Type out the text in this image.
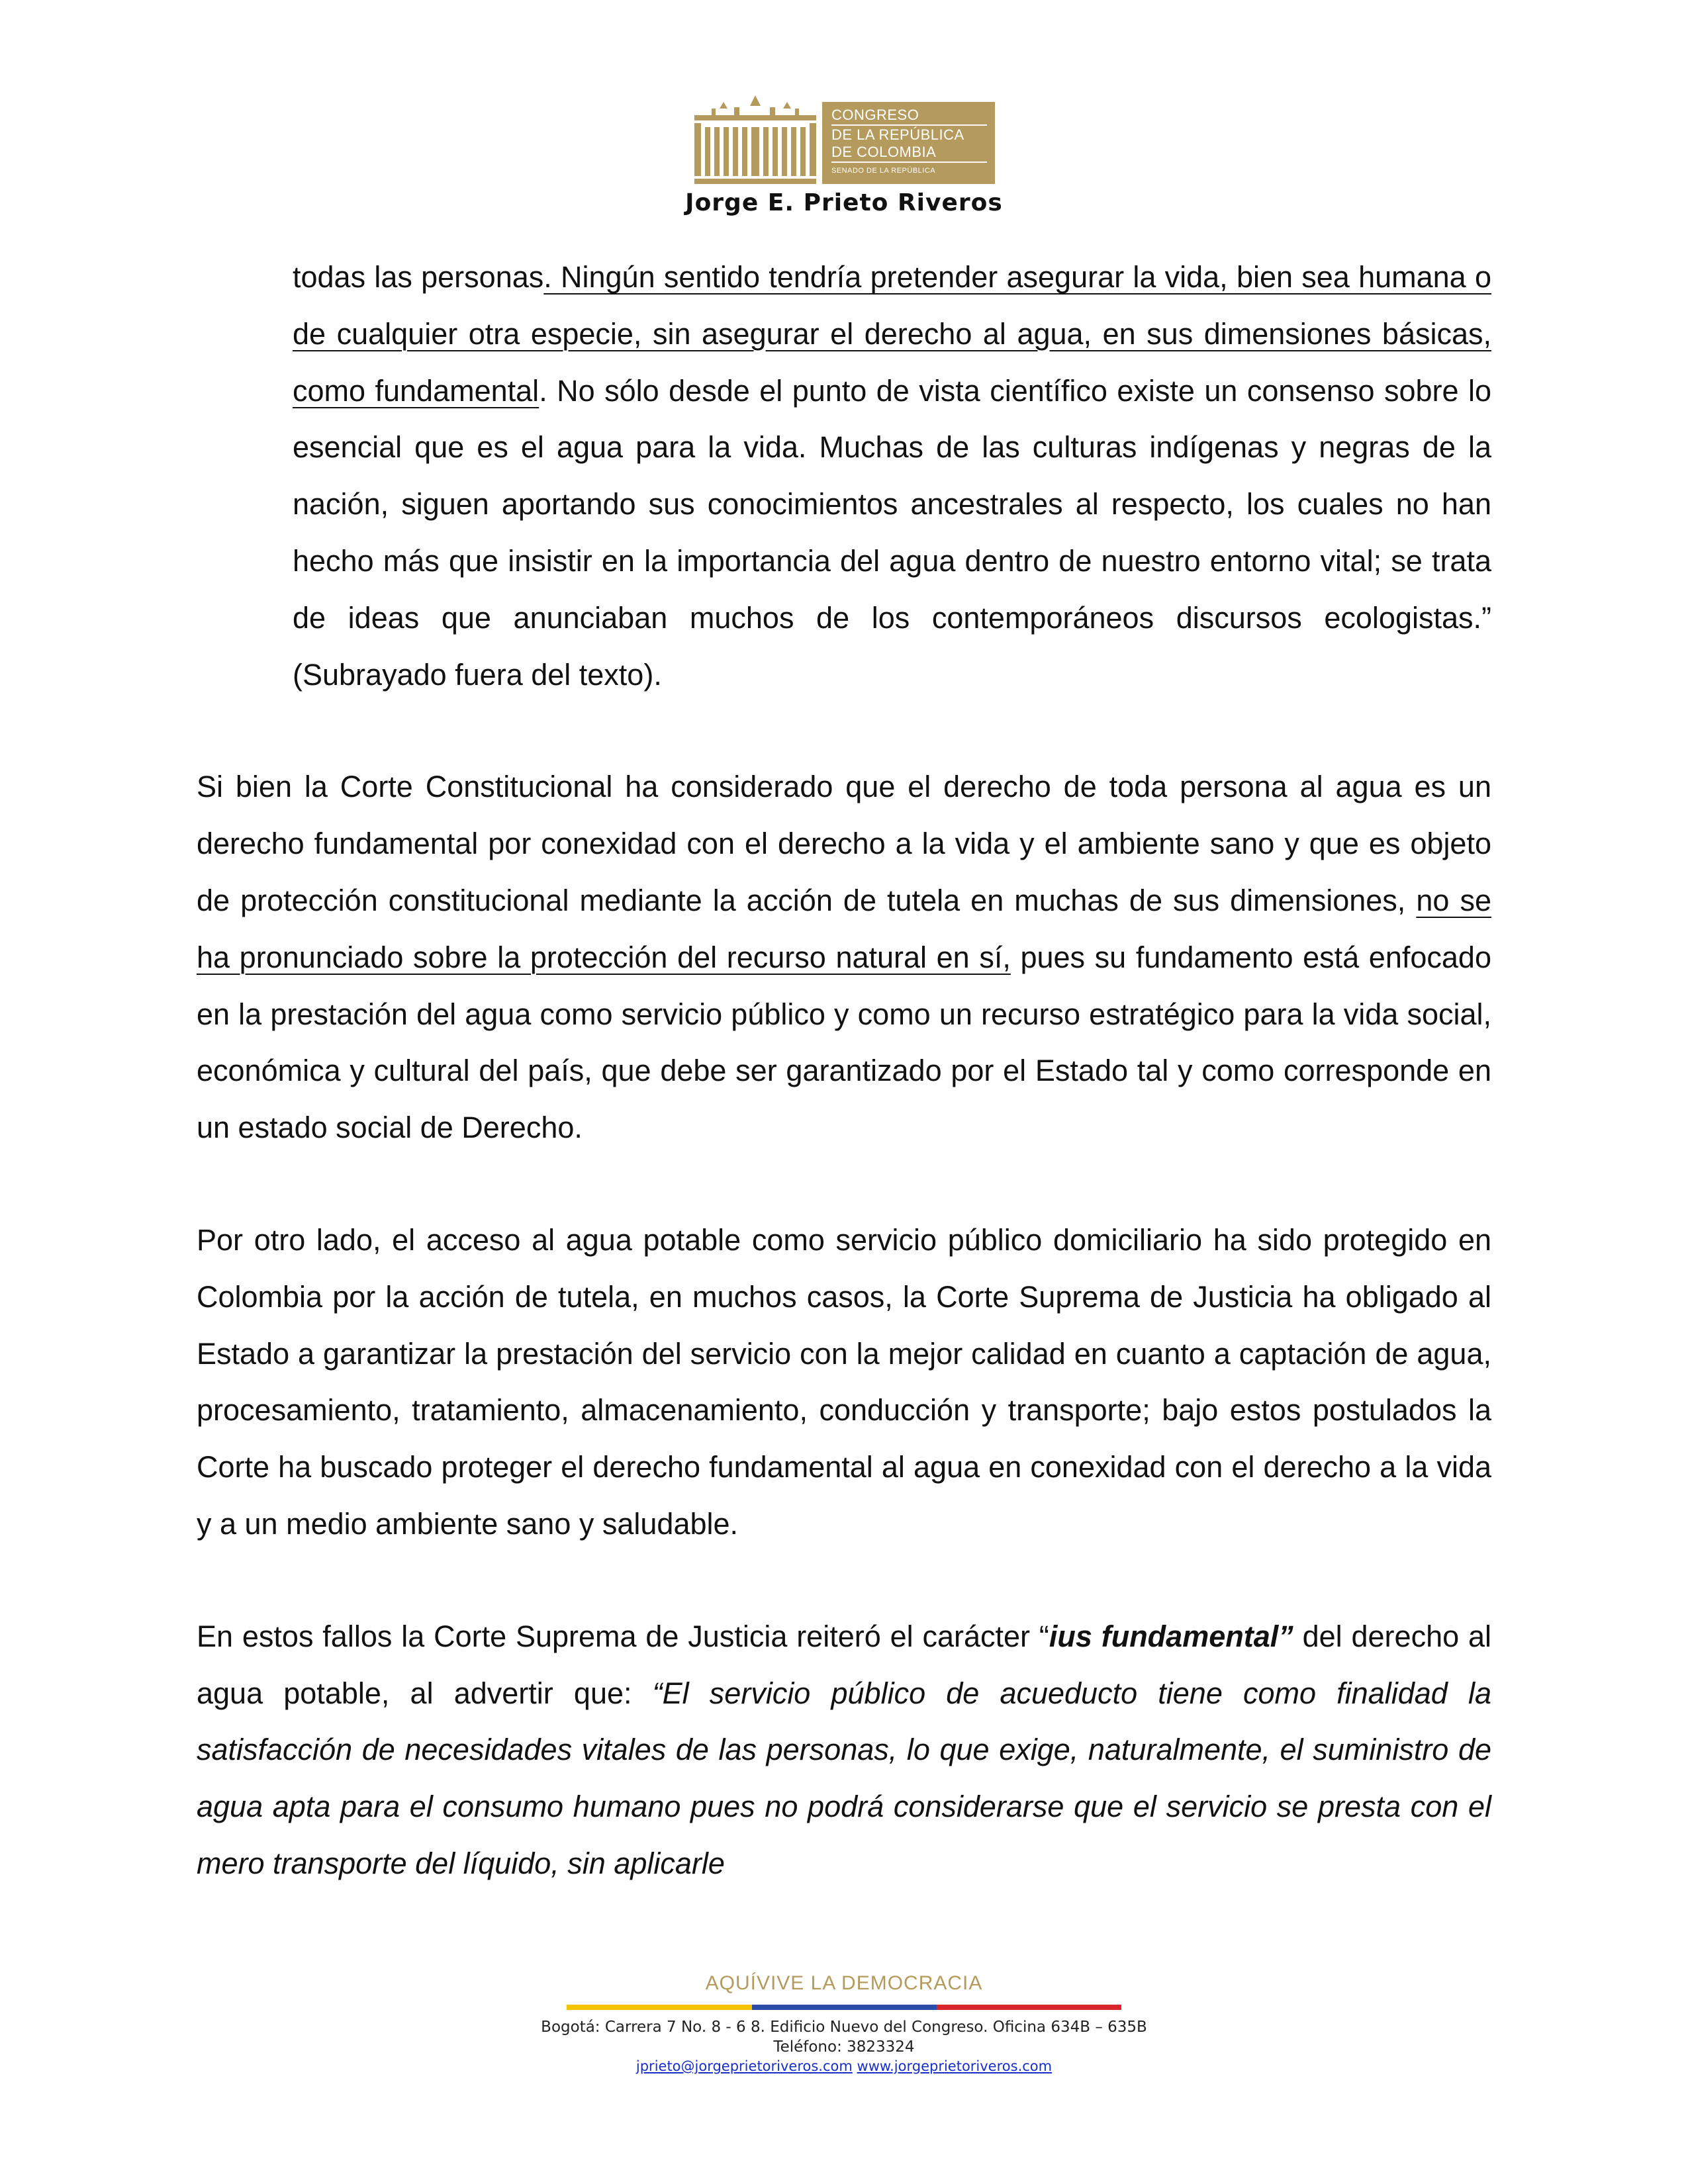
CONGRESO
DE LA REPÚBLICA
DE COLOMBIA
SENADO DE LA REPÚBLICA
Jorge E. Prieto Riveros

todas las personas. Ningún sentido tendría pretender asegurar la vida, bien sea humana o de cualquier otra especie, sin asegurar el derecho al agua, en sus dimensiones básicas, como fundamental. No sólo desde el punto de vista científico existe un consenso sobre lo esencial que es el agua para la vida. Muchas de las culturas indígenas y negras de la nación, siguen aportando sus conocimientos ancestrales al respecto, los cuales no han hecho más que insistir en la importancia del agua dentro de nuestro entorno vital; se trata de ideas que anunciaban muchos de los contemporáneos discursos ecologistas.” (Subrayado fuera del texto).

Si bien la Corte Constitucional ha considerado que el derecho de toda persona al agua es un derecho fundamental por conexidad con el derecho a la vida y el ambiente sano y que es objeto de protección constitucional mediante la acción de tutela en muchas de sus dimensiones, no se ha pronunciado sobre la protección del recurso natural en sí, pues su fundamento está enfocado en la prestación del agua como servicio público y como un recurso estratégico para la vida social, económica y cultural del país, que debe ser garantizado por el Estado tal y como corresponde en un estado social de Derecho.

Por otro lado, el acceso al agua potable como servicio público domiciliario ha sido protegido en Colombia por la acción de tutela, en muchos casos, la Corte Suprema de Justicia ha obligado al Estado a garantizar la prestación del servicio con la mejor calidad en cuanto a captación de agua, procesamiento, tratamiento, almacenamiento, conducción y transporte; bajo estos postulados la Corte ha buscado proteger el derecho fundamental al agua en conexidad con el derecho a la vida y a un medio ambiente sano y saludable.

En estos fallos la Corte Suprema de Justicia reiteró el carácter “ius fundamental” del derecho al agua potable, al advertir que: “El servicio público de acueducto tiene como finalidad la satisfacción de necesidades vitales de las personas, lo que exige, naturalmente, el suministro de agua apta para el consumo humano pues no podrá considerarse que el servicio se presta con el mero transporte del líquido, sin aplicarle

AQUÍVIVE LA DEMOCRACIA
Bogotá: Carrera 7 No. 8 - 6 8. Edificio Nuevo del Congreso. Oficina 634B – 635B
Teléfono: 3823324
jprieto@jorgeprietoriveros.com www.jorgeprietoriveros.com
